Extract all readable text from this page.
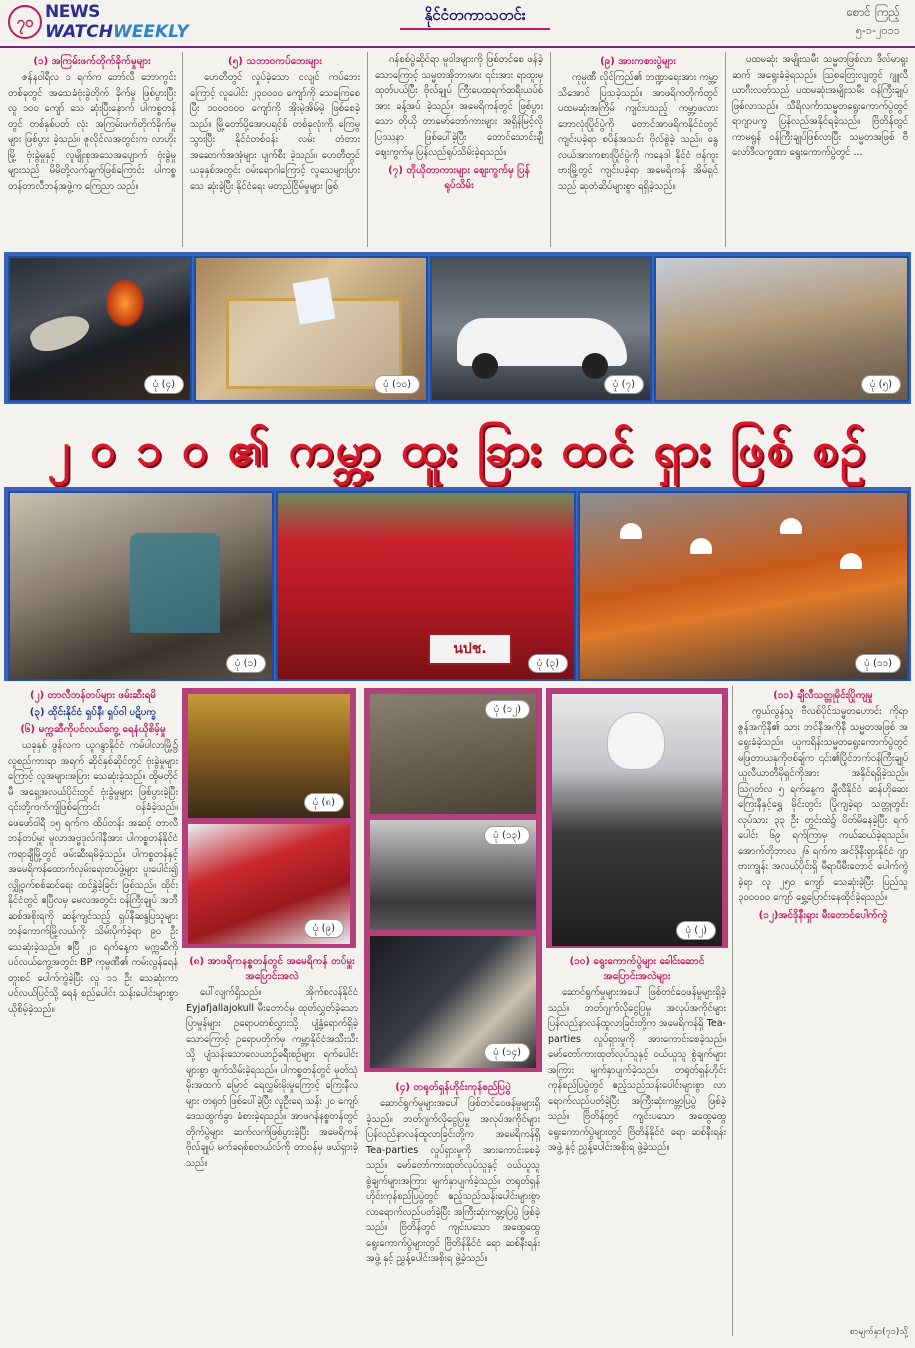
၇၀ NEWS
WATCHWEEKLY
နိုင်ငံတကာသတင်း	စောင် ကြည့်
၅-၁-၂၀၁၁
(၁) အကြမ်းဖက်တိုက်ခိုက်မှုများ

ဇန်နဝါရီလ ၁ ရက်က ဘော်လီ ဘောကွင်းတစ်ခုတွင် အသေခံဗုံးခွဲတိုက် ခိုက်မှု ဖြစ်ပွားပြီး လူ ၁၀၀ ကျော် သေ ဆုံးပြီးနောက် ပါကစ္စတန်တွင် တစ်နှစ်ပတ် လုံး အကြမ်းဖက်တိုက်ခိုက်မှုများ ဖြစ်ပွား ခဲ့သည်။ ဇူလိုင်လအတွင်းက လာဟိုးမြို့ ဗုံးခွဲမှုနှင့် လူမျိုးစုအသေအပျောက် ဗုံးခွဲမှု များသည် မိမိတို့လက်ချက်ဖြစ်ကြောင်း ပါကစ္စတန်တာလီဘန်အဖွဲ့က ကြေညာ သည်။

(၅) သဘာဝကပ်ဘေးများ

ဟေတီတွင် လှုပ်ခဲ့သော ငလျင် ကပ်ဘေးကြောင့် လူပေါင်း ၂၃၀၀၀၀ ကျော်ကို သေကြေစေပြီး ၁၀၀၀၀၀၀ ကျော်ကို အိုးမဲ့အိမ်မဲ့ ဖြစ်စေခဲ့သည်။ မြို့တော်ပို့အောပရင့်စ် တစ်ခုလုံးကို ကြေမွ သွားပြီး နိုင်ငံတစ်ဝန်း လမ်း တံတား အဆောက်အအုံများ ပျက်စီး ခဲ့သည်။ ဟေတီတွင် ယခုနှစ်အတွင်း ဝမ်းရောဂါကြောင့် လူသေများပြား သေ ဆုံးခဲ့ပြီး နိုင်ငံရေး မတည်ငြိမ်မှုများ ဖြစ်

ဂန်စစ်ပွဲဆိုင်ရာ မူဝါဒများကို ဖြစ်တင်စေ ဖန်ခဲ့သောကြောင့် သမ္မတအိုဘားမား ၎င်းအား ရာထူးမှ ထုတ်ပယ်ပြီး ဗိုလ်ချုပ် ကြီးပေထရက်ထရီးယပ်စ်အား ခန့်အပ် ခဲ့သည်။ အမေရိကန်တွင် ဖြစ်ပွားသော တိုယို တာမော်တော်ကားများ အရှိန်မြင့်လိုပြဿနာ ဖြစ်ပေါ်ခဲ့ပြီး တောင်သောင်းချီ ဈေးကွက်မှ ပြန်လည်ရုပ်သိမ်းခဲ့ရသည်။

(၇) တိုယိုတာကားများ ဈေးကွက်မှ ပြန်ရုပ်သိမ်း
(၉) အားကစားပွဲများ

ကုမ္ပဏီ လိုင်ကြည်၏ ဘဏ္ဍာရေးအား ကမ္ဘာ့သိအောင် ပြသခဲ့သည်။ အာဖရိကတိုက်တွင် ပထမဆုံးအကြိမ် ကျင်းပသည့် ကမ္ဘာ့ဖလားဘောလုံးပြိုင်ပွဲကို တောင်အာဖရိကနိုင်ငံတွင် ကျင်းပခဲ့ရာ စပိန်အသင်း ဗိုလ်စွဲခဲ့ သည်။ နွေလယ်အားကစားပြိုင်ပွဲကို ကနေဒါ နိုင်ငံ ဗန်ကူးဗားမြို့တွင် ကျင်းပခဲ့ရာ အမေရိကန် အိမ်ရှင်သည် ဆုတံဆိပ်များစွာ ရရှိခဲ့သည်။

ပထမဆုံး အမျိုးသမီး သမ္မတဖြစ်လာ ဒီလ်မာရူးဆက် အရွေးခံခဲ့ရသည်။ ဩစတြေးလျတွင် ဂျူလီယာဂီးလတ်သည် ပထမဆုံးအမျိုးသမီး ဝန်ကြီးချုပ် ဖြစ်လာသည်။ သီရိလင်္ကာသမ္မတရွေးကောက်ပွဲတွင် ရာဂျာပက္ခ ပြန်လည်အနိုင်ရခဲ့သည်။ ဗြိတိန်တွင် ကာမရွန် ဝန်ကြီးချုပ်ဖြစ်လာပြီး သမ္မတအဖြစ် ဗီလော်ဒီလက္ခဏာ ရွေးကောက်ပွဲတွင် ...

ပုံ (၄)	ပုံ (၁၀)	ပုံ (၇)	ပုံ (၅)
၂ ၀ ၁ ၀ ၏ ကမ္ဘာ့ ထူး ခြား ထင် ရှား ဖြစ် စဉ်
ပုံ (၁)
นปช.
ပုံ (၃)	ပုံ (၁၁)
(၂) တာလီဘန်တပ်များ ဖမ်းဆီးရမိ
(၃) ထိုင်းနိုင်ငံ ရှပ်နီ၊ ရှပ်ဝါ ပဋိပက္ခ
(၆) မက္ကဆီကိုပင်လယ်ကွေ့ ရေနံယိုစိမ့်မှု

ယခုနှစ် ဖွန်လက ယူဂန္ဒာနိုင်ငံ ကမ်ပါလာမြို့၌ လူစည်ကားရာ အရက် ဆိုင်နှစ်ဆိုင်တွင် ဗုံးခွဲမှုများကြောင့် လူအများအပြား သေဆုံးခဲ့သည်။ ထိုမတိုင်မီ အရှေ့အလယ်ပိုင်းတွင် ဗုံးခွဲမှုများ ဖြစ်ပွားခဲ့ပြီး ၎င်းတို့ကက်ကျ်ဖြစ်ကြောင်း ဝန်ခံခဲ့သည်။ ဖေဖော်ဝါရီ ၁၅ ရက်က ထိပ်တန်း အဆင့် တာလီဘန်တပ်မှူး မူလာအဗ္ဗဒုလ်ဂါနီအား ပါကစ္စတန်နိုင်ငံ ကရာချီမြို့တွင် ဖမ်းဆီးရမိခဲ့သည်။ ပါကစ္စတန်နှင့် အမေရိကန်ထောက်လှမ်းရေးတပ်ဖွဲ့များ ပူးပေါင်း၍ လျှို့ဝှက်စစ်ဆင်ရေး ထင်နွှဲခဲ့ခြင်း ဖြစ်သည်။ ထိုင်းနိုင်ငံတွင် ဧပြီလမှ မေလအတွင်း ဝန်ကြီးချုပ် အဘီဆစ်အစိုးရကို ဆန့်ကျင်သည့် ရှပ်နီဆန္ဒပြသူများ ဘန်ကောက်မြို့လယ်ကို သိမ်းပိုက်ခဲ့ရာ ၉၀ ဦး သေဆုံးခဲ့သည်။ ဧပြီ ၂၀ ရက်နေ့က မက္ကဆီကိုပင်လယ်ကွေ့အတွင်း BP ကုမ္ပဏီ၏ ကမ်းလွန်ရေနံတူးစင် ပေါက်ကွဲခဲ့ပြီး လူ ၁၁ ဦး သေဆုံးကာ ပင်လယ်ပြင်သို့ ရေနံ စည်ပေါင်း သန်းပေါင်းများစွာ ယိုစိမ့်ခဲ့သည်။

ပုံ (၈)
ပုံ (၉)
(၈) အာဖရိကနစ္စတန်တွင် အမေရိကန် တပ်မှူးအပြောင်းအလဲ

ပေါ်လျက်ရှိသည်။ အိုက်စလန်နိုင်ငံ Eyjafjallajokull မီးတောင်မှ ထုတ်လွှတ်ခဲ့သော ပြာမှုန်များ ဥရောပတစ်လွှားသို့ ပျံ့နှံ့ရောက်ရှိခဲ့သောကြောင့် ဥရောပတိုက်မှ ကမ္ဘာ့နိုင်ငံအသီးသီးသို့ ပျံသန်းသောလေယာဉ်ခရီးစဉ်များ ရက်ပေါင်းများစွာ ဖျက်သိမ်းခဲ့ရသည်။ ပါကစ္စတန်တွင် မုတ်သုံမိုးအထက် မြောင် ရေလွှမ်းမိုးမှုကြောင့် ကြေးနီလများ တရုတ် ဖြစ်ပေါ်ခဲ့ပြီး လူဦးရေ သန်း ၂၀ ကျော် ဒေသထွက်ခွာ ခံစားခဲ့ရသည်။ အာဖဂန်နစ္စတန်တွင် တိုက်ပွဲများ ဆက်လက်ဖြစ်ပွားခဲ့ပြီး အမေရိကန် ဗိုလ်ချုပ် မက်ခရစ်စတယ်လ်ကို တာဝန်မှ ဖယ်ရှားခဲ့သည်။

ပုံ (၁၂)
ပုံ (၁၃)
ပုံ (၁၄)
ပုံ (၂)
(၄) တရုတ်ရှန်ဟိုင်းကုန်စည်ပြပွဲ

ဆောင်ရွက်မှုများအပေါ် ဖြစ်တင်ဝေဖန်မှုများရှိခဲ့သည်။ ဘတ်ဂျက်လိုငွေပြမှု အလုပ်အကိုင်များ ပြန်လည်နာလန်ထူလာခြင်းတို့က အမေရိကန်ရှိ Tea-parties လှုပ်ရှားမှုကို အားကောင်းစေခဲ့သည်။ မော်တော်ကားထုတ်လုပ်သူနှင့် ဝယ်ယူသူ စွဲချက်များအကြား မျက်နှာပျက်ခဲ့သည်။ တရုတ်ရှန်ဟိုင်းကုန်စည်ပြပွဲတွင် ဧည့်သည်သန်းပေါင်းများစွာ လာရောက်လည်ပတ်ခဲ့ပြီး အကြီးဆုံးကမ္ဘာ့ပြပွဲ ဖြစ်ခဲ့သည်။ ဗြိတိန်တွင် ကျင်းပသော အထွေထွေ ရွေးကောက်ပွဲများတွင် ဗြိတိန်နိုင်ငံ ရော ဆစ်နီးရန်းအဖွဲ့ နှင့် ညွှန့်ပေါင်းအစိုးရ ဖွဲ့ခဲ့သည်။

(၁၀) ရွေးကောက်ပွဲများ ခေါင်းဆောင်အပြောင်းအလဲများ

ဆောင်ရွက်မှုများအပေါ် ဖြစ်တင်ဝေဖန်မှုများရှိခဲ့သည်။ ဘတ်ဂျက်လိုငွေပြမှု အလုပ်အကိုင်များ ပြန်လည်နာလန်ထူလာခြင်းတို့က အမေရိကန်ရှိ Tea-parties လှုပ်ရှားမှုကို အားကောင်းစေခဲ့သည်။ မော်တော်ကားထုတ်လုပ်သူနှင့် ဝယ်ယူသူ စွဲချက်များအကြား မျက်နှာပျက်ခဲ့သည်။ တရုတ်ရှန်ဟိုင်းကုန်စည်ပြပွဲတွင် ဧည့်သည်သန်းပေါင်းများစွာ လာရောက်လည်ပတ်ခဲ့ပြီး အကြီးဆုံးကမ္ဘာ့ပြပွဲ ဖြစ်ခဲ့သည်။ ဗြိတိန်တွင် ကျင်းပသော အထွေထွေ ရွေးကောက်ပွဲများတွင် ဗြိတိန်နိုင်ငံ ရော ဆစ်နီးရန်းအဖွဲ့ နှင့် ညွှန့်ပေါင်းအစိုးရ ဖွဲ့ခဲ့သည်။

(၁၁) ချီလီသတ္တုမိုင်းပြိုကျမှု

ကွယ်လွန်သူ ဗီလစ်ပိုင်သမ္မတဟောင်း ကိုရာဇွန်အကိုနီ၏ သား ဘင်နီအကိုနီ သမ္မတအဖြစ် အရွေးခံခဲ့သည်။ ယူကရိန်းသမ္မတရွေးကောက်ပွဲတွင် မဖြတာယနုကိုဗစ်ချ်က ၎င်း၏ပြိုင်ဘက်ဝန်ကြီးချုပ် ယူလီယာတီမိုရှင်ကိုအား အနိုင်ရရှိခဲ့သည်။ ဩဂုတ်လ ၅ ရက်နေ့က ချီလီနိုင်ငံ ဆန်ဟိုဆေး ကြေးနီနှင့်ရွှေ မိုင်းတွင်း ပြိုကျခဲ့ရာ သတ္တုတွင်းလုပ်သား ၃၃ ဦး တွင်းထဲ၌ ပိတ်မိနေခဲ့ပြီး ရက်ပေါင်း ၆၉ ရက်ကြာမှ ကယ်ဆယ်ခဲ့ရသည်။ အောက်တိုဘာလ ၂၆ ရက်က အင်ဒိုနီးရှားနိုင်ငံ ဂျာဗားကျွန်း အလယ်ပိုင်းရှိ မီရာပီမီးတောင် ပေါက်ကွဲခဲ့ရာ လူ ၂၅၀ ကျော် သေဆုံးခဲ့ပြီး ပြည်သူ ၃၀၀၀၀၀ ကျော် ရွှေ့ပြောင်းနေထိုင်ခဲ့ရသည်။

(၁၂)အင်ဒိုနီးရှား မီးတောင်ပေါက်ကွဲ
စာမျက်နှာ(၇၁)သို့
